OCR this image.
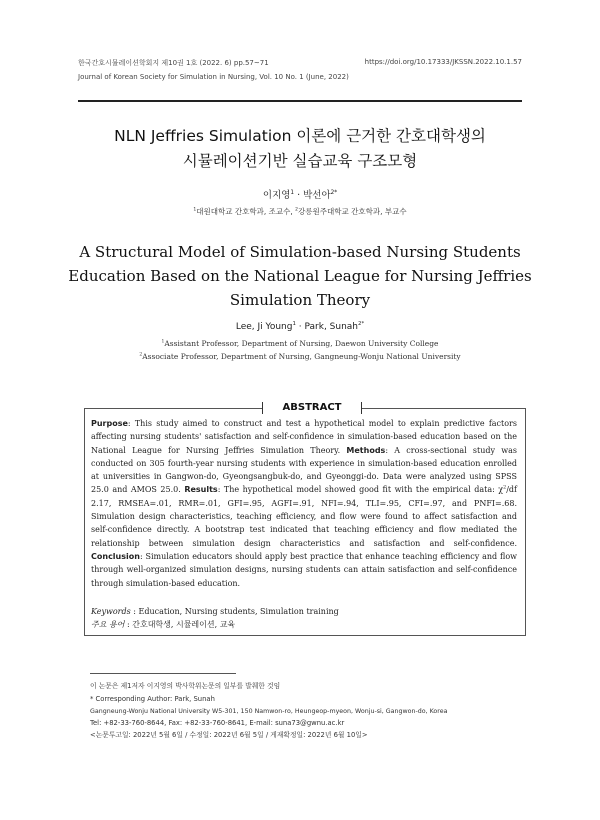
한국간호시뮬레이션학회지 제10권 1호 (2022. 6) pp.57~71
Journal of Korean Society for Simulation in Nursing, Vol. 10 No. 1 (June, 2022)
https://doi.org/10.17333/JKSSN.2022.10.1.57
NLN Jeffries Simulation 이론에 근거한 간호대학생의
시뮬레이션기반 실습교육 구조모형
이지영$^1$ · 박선아$^{2*}$
$^1$대원대학교 간호학과, 조교수, $^2$강릉원주대학교 간호학과, 부교수
A Structural Model of Simulation-based Nursing Students
Education Based on the National League for Nursing Jeffries
Simulation Theory
Lee, Ji Young$^1$ · Park, Sunah$^{2*}$
$^1$Assistant Professor, Department of Nursing, Daewon University College
$^2$Associate Professor, Department of Nursing, Gangneung-Wonju National University
ABSTRACT
Purpose: This study aimed to construct and test a hypothetical model to explain predictive factors affecting nursing students' satisfaction and self-confidence in simulation-based education based on the National League for Nursing Jeffries Simulation Theory. Methods: A cross-sectional study was conducted on 305 fourth-year nursing students with experience in simulation-based education enrolled at universities in Gangwon-do, Gyeongsangbuk-do, and Gyeonggi-do. Data were analyzed using SPSS 25.0 and AMOS 25.0. Results: The hypothetical model showed good fit with the empirical data: $\chi^2/df$ 2.17, RMSEA=.01, RMR=.01, GFI=.95, AGFI=.91, NFI=.94, TLI=.95, CFI=.97, and PNFI=.68. Simulation design characteristics, teaching efficiency, and flow were found to affect satisfaction and self-confidence directly. A bootstrap test indicated that teaching efficiency and flow mediated the relationship between simulation design characteristics and satisfaction and self-confidence. Conclusion: Simulation educators should apply best practice that enhance teaching efficiency and flow through well-organized simulation designs, nursing students can attain satisfaction and self-confidence through simulation-based education.
Keywords : Education, Nursing students, Simulation training
주요 용어 : 간호대학생, 시뮬레이션, 교육
이 논문은 제1저자 이지영의 박사학위논문의 일부를 발췌한 것임
* Corresponding Author: Park, Sunah
Gangneung-Wonju National University W5-301, 150 Namwon-ro, Heungeop-myeon, Wonju-si, Gangwon-do, Korea
Tel: +82-33-760-8644, Fax: +82-33-760-8641, E-mail: suna73@gwnu.ac.kr
<논문투고일: 2022년 5월 6일 / 수정일: 2022년 6월 5일 / 게재확정일: 2022년 6월 10일>
